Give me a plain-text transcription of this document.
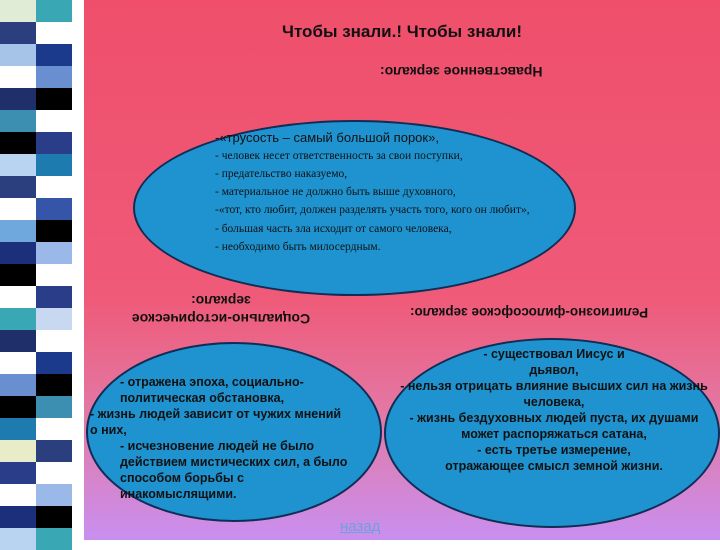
Чтобы знали.! Чтобы знали!
Нравственное зеркало:
-«трусость – самый большой порок»,
- человек несет ответственность за свои поступки,
- предательство наказуемо,
- материальное не должно быть выше духовного,
-«тот, кто любит, должен разделять участь того, кого он любит»,
- большая часть зла исходит от самого человека,
- необходимо быть милосердным.
Социально-историческое зеркало:
Религиозно-философское зеркало:
- отражена эпоха, социально-политическая обстановка,
- жизнь людей зависит от чужих мнений о них,
- исчезновение людей не было действием мистических сил, а было способом борьбы с инакомыслящими.
- существовал Иисус и дьявол,
- нельзя отрицать влияние высших сил на жизнь человека,
- жизнь бездуховных людей пуста, их душами может распоряжаться сатана,
- есть третье измерение, отражающее смысл земной жизни.
назад
